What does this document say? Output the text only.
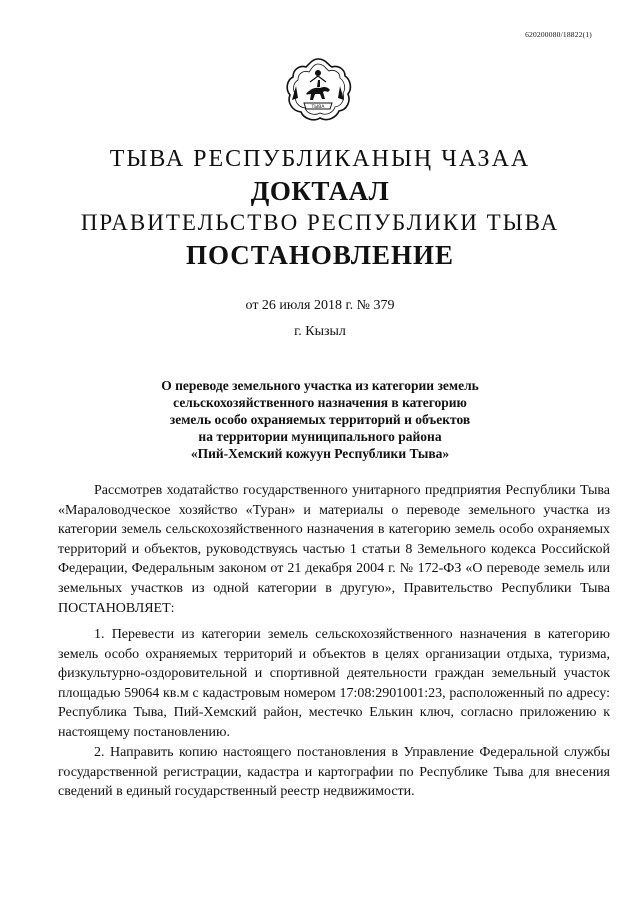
620200080/18822(1)
ТЫВА
ТЫВА РЕСПУБЛИКАНЫҢ ЧАЗАА
ДОКТААЛ
ПРАВИТЕЛЬСТВО РЕСПУБЛИКИ ТЫВА
ПОСТАНОВЛЕНИЕ
от 26 июля 2018 г. № 379
г. Кызыл
О переводе земельного участка из категории земель
сельскохозяйственного назначения в категорию
земель особо охраняемых территорий и объектов
на территории муниципального района
«Пий-Хемский кожуун Республики Тыва»

Рассмотрев ходатайство государственного унитарного предприятия Республики Тыва «Мараловодческое хозяйство «Туран» и материалы о переводе земельного участка из категории земель сельскохозяйственного назначения в категорию земель особо охраняемых территорий и объектов, руководствуясь частью 1 статьи 8 Земельного кодекса Российской Федерации, Федеральным законом от 21 декабря 2004 г. № 172-ФЗ «О переводе земель или земельных участков из одной категории в другую», Правительство Республики Тыва ПОСТАНОВЛЯЕТ:

1. Перевести из категории земель сельскохозяйственного назначения в категорию земель особо охраняемых территорий и объектов в целях организации отдыха, туризма, физкультурно-оздоровительной и спортивной деятельности граждан земельный участок площадью 59064 кв.м с кадастровым номером 17:08:2901001:23, расположенный по адресу: Республика Тыва, Пий-Хемский район, местечко Елькин ключ, согласно приложению к настоящему постановлению.

2. Направить копию настоящего постановления в Управление Федеральной службы государственной регистрации, кадастра и картографии по Республике Тыва для внесения сведений в единый государственный реестр недвижимости.
